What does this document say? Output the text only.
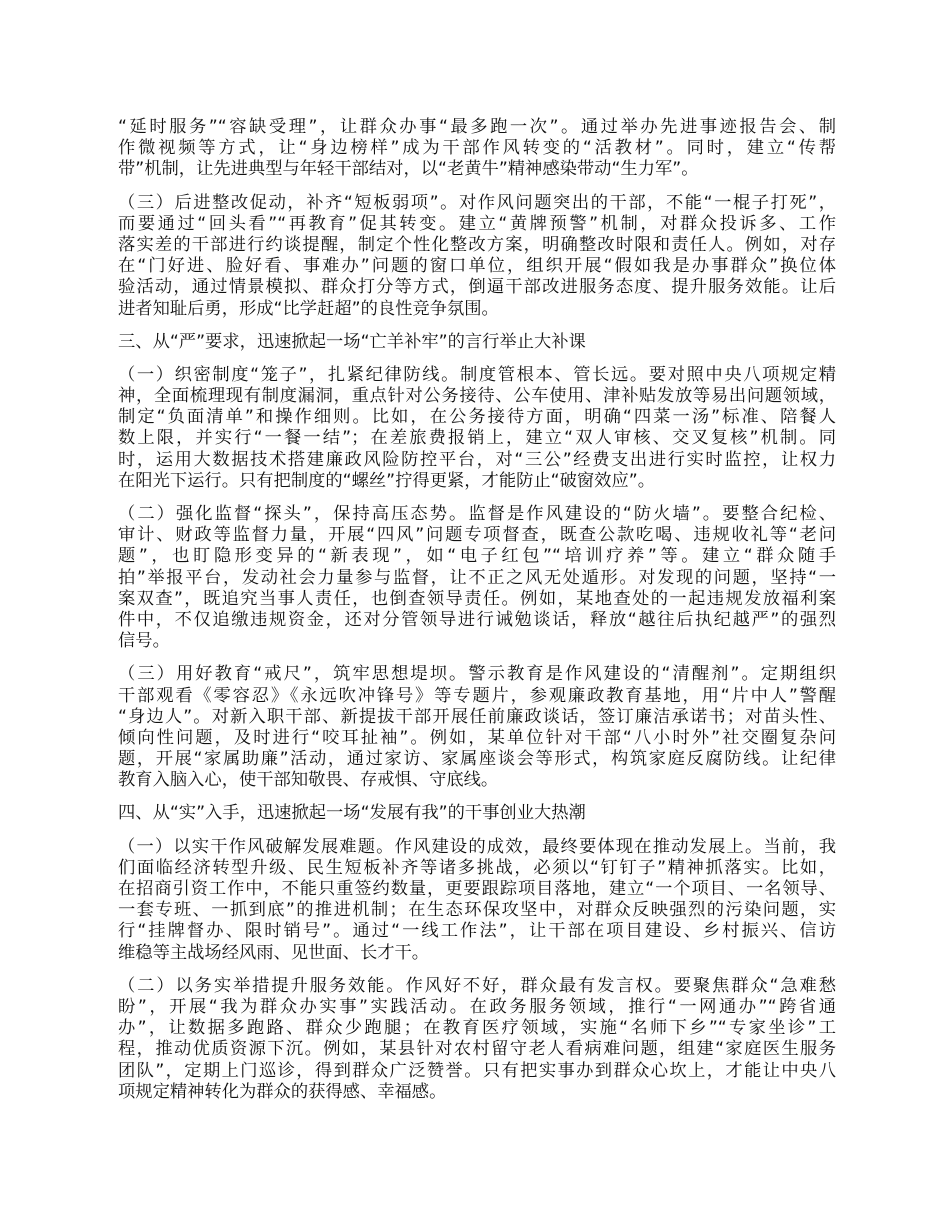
“延时服务”“容缺受理”，让群众办事“最多跑一次”。通过举办先进事迹报告会、制
作微视频等方式，让“身边榜样”成为干部作风转变的“活教材”。同时，建立“传帮
带”机制，让先进典型与年轻干部结对，以“老黄牛”精神感染带动“生力军”。

（三）后进整改促动，补齐“短板弱项”。对作风问题突出的干部，不能“一棍子打死”，
而要通过“回头看”“再教育”促其转变。建立“黄牌预警”机制，对群众投诉多、工作
落实差的干部进行约谈提醒，制定个性化整改方案，明确整改时限和责任人。例如，对存
在“门好进、脸好看、事难办”问题的窗口单位，组织开展“假如我是办事群众”换位体
验活动，通过情景模拟、群众打分等方式，倒逼干部改进服务态度、提升服务效能。让后
进者知耻后勇，形成“比学赶超”的良性竞争氛围。

三、从“严”要求，迅速掀起一场“亡羊补牢”的言行举止大补课

（一）织密制度“笼子”，扎紧纪律防线。制度管根本、管长远。要对照中央八项规定精
神，全面梳理现有制度漏洞，重点针对公务接待、公车使用、津补贴发放等易出问题领域，
制定“负面清单”和操作细则。比如，在公务接待方面，明确“四菜一汤”标准、陪餐人
数上限，并实行“一餐一结”；在差旅费报销上，建立“双人审核、交叉复核”机制。同
时，运用大数据技术搭建廉政风险防控平台，对“三公”经费支出进行实时监控，让权力
在阳光下运行。只有把制度的“螺丝”拧得更紧，才能防止“破窗效应”。

（二）强化监督“探头”，保持高压态势。监督是作风建设的“防火墙”。要整合纪检、
审计、财政等监督力量，开展“四风”问题专项督查，既查公款吃喝、违规收礼等“老问
题”，也盯隐形变异的“新表现”，如“电子红包”“培训疗养”等。建立“群众随手
拍”举报平台，发动社会力量参与监督，让不正之风无处遁形。对发现的问题，坚持“一
案双查”，既追究当事人责任，也倒查领导责任。例如，某地查处的一起违规发放福利案
件中，不仅追缴违规资金，还对分管领导进行诫勉谈话，释放“越往后执纪越严”的强烈
信号。

（三）用好教育“戒尺”，筑牢思想堤坝。警示教育是作风建设的“清醒剂”。定期组织
干部观看《零容忍》《永远吹冲锋号》等专题片，参观廉政教育基地，用“片中人”警醒
“身边人”。对新入职干部、新提拔干部开展任前廉政谈话，签订廉洁承诺书；对苗头性、
倾向性问题，及时进行“咬耳扯袖”。例如，某单位针对干部“八小时外”社交圈复杂问
题，开展“家属助廉”活动，通过家访、家属座谈会等形式，构筑家庭反腐防线。让纪律
教育入脑入心，使干部知敬畏、存戒惧、守底线。

四、从“实”入手，迅速掀起一场“发展有我”的干事创业大热潮

（一）以实干作风破解发展难题。作风建设的成效，最终要体现在推动发展上。当前，我
们面临经济转型升级、民生短板补齐等诸多挑战，必须以“钉钉子”精神抓落实。比如，
在招商引资工作中，不能只重签约数量，更要跟踪项目落地，建立“一个项目、一名领导、
一套专班、一抓到底”的推进机制；在生态环保攻坚中，对群众反映强烈的污染问题，实
行“挂牌督办、限时销号”。通过“一线工作法”，让干部在项目建设、乡村振兴、信访
维稳等主战场经风雨、见世面、长才干。

（二）以务实举措提升服务效能。作风好不好，群众最有发言权。要聚焦群众“急难愁
盼”，开展“我为群众办实事”实践活动。在政务服务领域，推行“一网通办”“跨省通
办”，让数据多跑路、群众少跑腿；在教育医疗领域，实施“名师下乡”“专家坐诊”工
程，推动优质资源下沉。例如，某县针对农村留守老人看病难问题，组建“家庭医生服务
团队”，定期上门巡诊，得到群众广泛赞誉。只有把实事办到群众心坎上，才能让中央八
项规定精神转化为群众的获得感、幸福感。
